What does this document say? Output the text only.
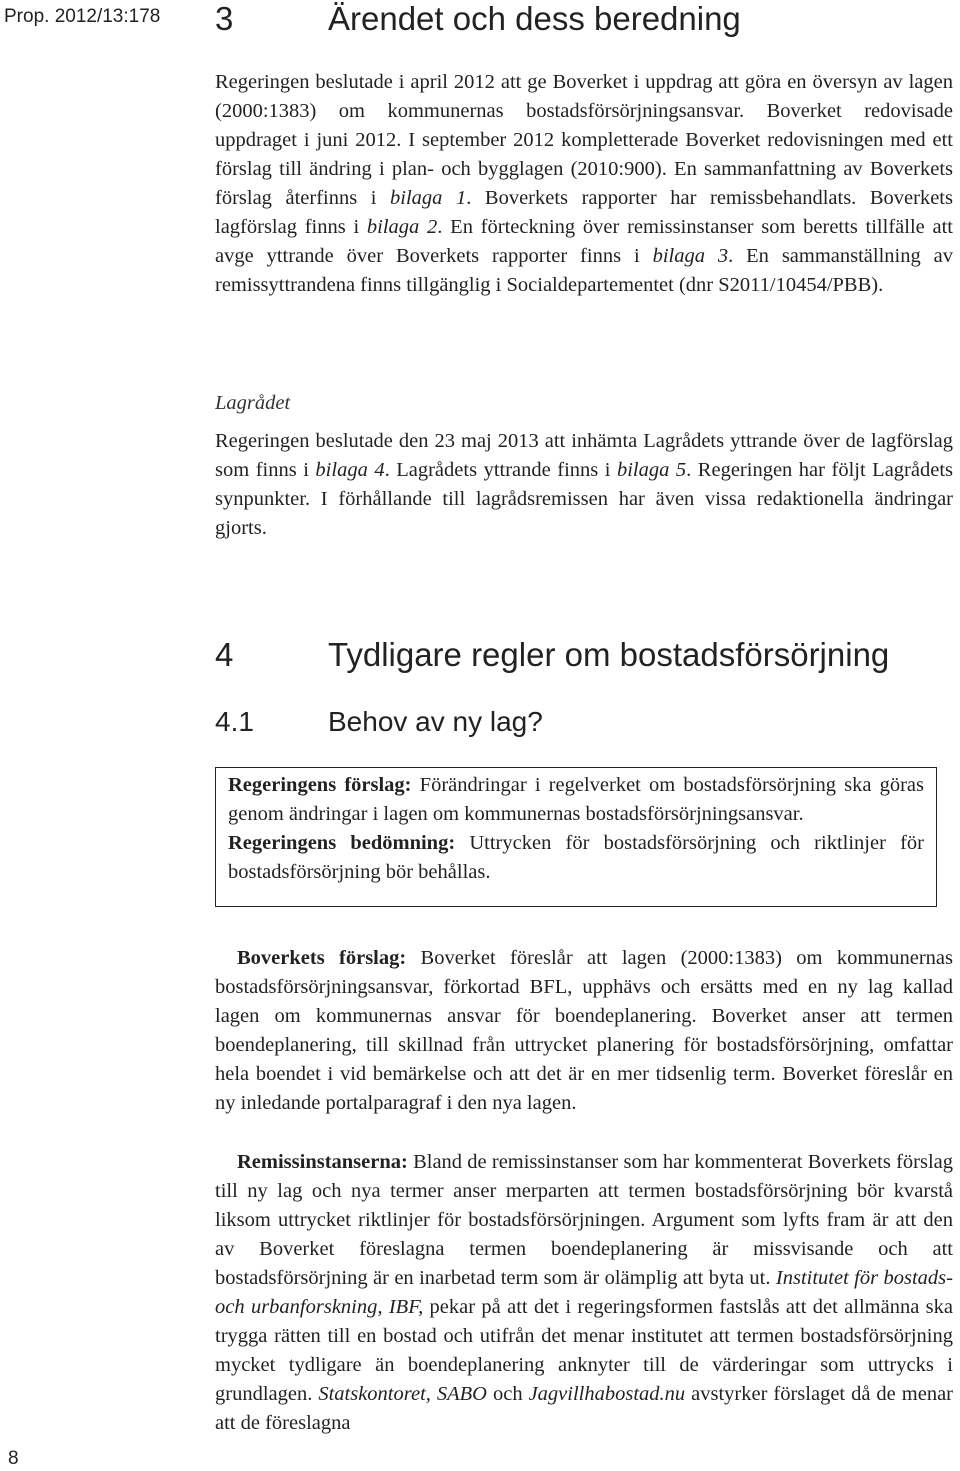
Prop. 2012/13:178 3	Ärendet och dess beredning

Regeringen beslutade i april 2012 att ge Boverket i uppdrag att göra en översyn av lagen (2000:1383) om kommunernas bostadsförsörjningsansvar. Boverket redovisade uppdraget i juni 2012. I september 2012 kompletterade Boverket redovisningen med ett förslag till ändring i plan- och bygglagen (2010:900). En sammanfattning av Boverkets förslag återfinns i bilaga 1. Boverkets rapporter har remissbehandlats. Boverkets lagförslag finns i bilaga 2. En förteckning över remissinstanser som beretts tillfälle att avge yttrande över Boverkets rapporter finns i bilaga 3. En sammanställning av remissyttrandena finns tillgänglig i Socialdepartementet (dnr S2011/10454/PBB).

Lagrådet

Regeringen beslutade den 23 maj 2013 att inhämta Lagrådets yttrande över de lagförslag som finns i bilaga 4. Lagrådets yttrande finns i bilaga 5. Regeringen har följt Lagrådets synpunkter. I förhållande till lagrådsremissen har även vissa redaktionella ändringar gjorts.

4	Tydligare regler om bostadsförsörjning
4.1	Behov av ny lag?

Regeringens förslag: Förändringar i regelverket om bostadsförsörjning ska göras genom ändringar i lagen om kommunernas bostadsförsörjningsansvar.

Regeringens bedömning: Uttrycken för bostadsförsörjning och riktlinjer för bostadsförsörjning bör behållas.

Boverkets förslag: Boverket föreslår att lagen (2000:1383) om kommunernas bostadsförsörjningsansvar, förkortad BFL, upphävs och ersätts med en ny lag kallad lagen om kommunernas ansvar för boendeplanering. Boverket anser att termen boendeplanering, till skillnad från uttrycket planering för bostadsförsörjning, omfattar hela boendet i vid bemärkelse och att det är en mer tidsenlig term. Boverket föreslår en ny inledande portalparagraf i den nya lagen.

Remissinstanserna: Bland de remissinstanser som har kommenterat Boverkets förslag till ny lag och nya termer anser merparten att termen bostadsförsörjning bör kvarstå liksom uttrycket riktlinjer för bostadsförsörjningen. Argument som lyfts fram är att den av Boverket föreslagna termen boendeplanering är missvisande och att bostadsförsörjning är en inarbetad term som är olämplig att byta ut. Institutet för bostads- och urbanforskning, IBF, pekar på att det i regeringsformen fastslås att det allmänna ska trygga rätten till en bostad och utifrån det menar institutet att termen bostadsförsörjning mycket tydligare än boendeplanering anknyter till de värderingar som uttrycks i grundlagen. Statskontoret, SABO och Jagvillhabostad.nu avstyrker förslaget då de menar att de föreslagna

8
